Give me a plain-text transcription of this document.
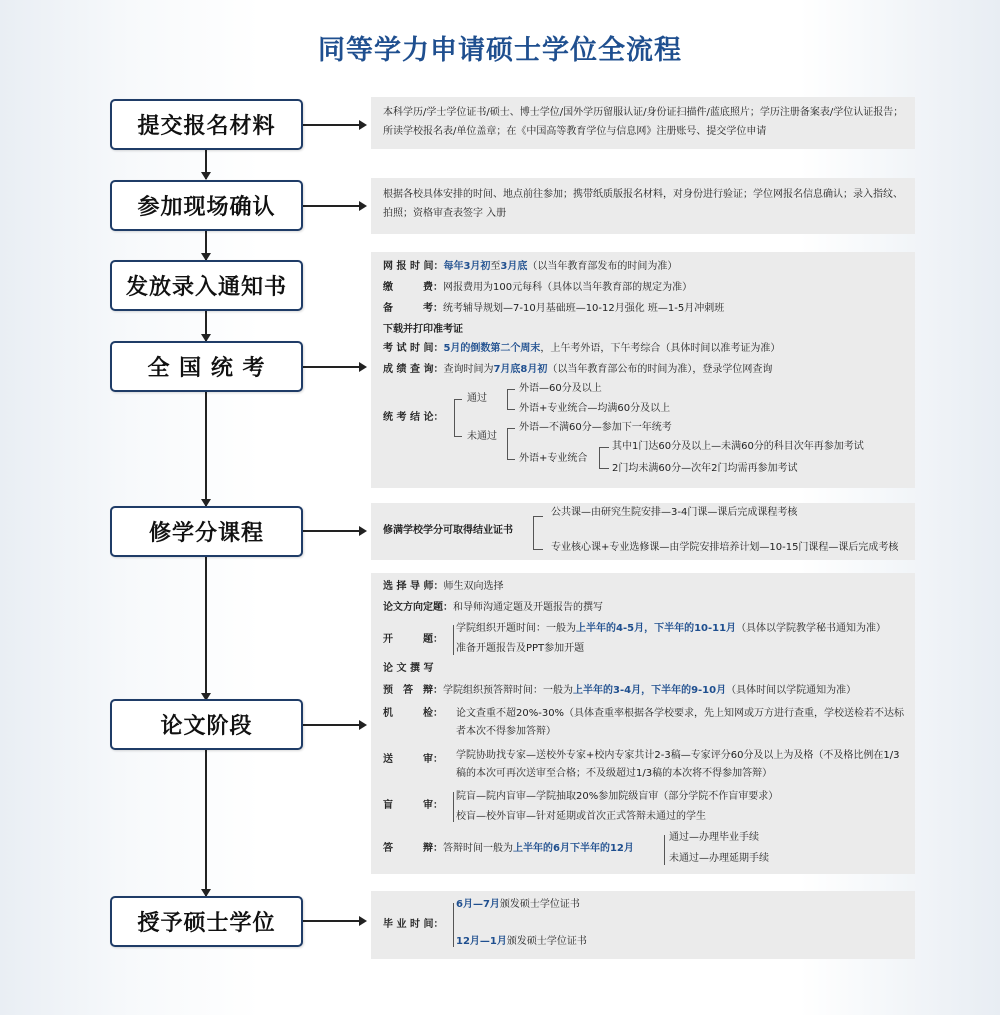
同等学力申请硕士学位全流程
提交报名材料
参加现场确认
发放录入通知书
全 国 统 考
修学分课程
论文阶段
授予硕士学位
本科学历/学士学位证书/硕士、博士学位/国外学历留服认证/身份证扫描件/蓝底照片；学历注册备案表/学位认证报告；所读学校报名表/单位盖章；在《中国高等教育学位与信息网》注册账号、提交学位申请
根据各校具体安排的时间、地点前往参加；携带纸质版报名材料，对身份进行验证；学位网报名信息确认；录入指纹、拍照；资格审查表签字 入册
网 报 时 间：每年3月初至3月底（以当年教育部发布的时间为准）
缴　　　费：网报费用为100元每科（具体以当年教育部的规定为准）
备　　　考：统考辅导规划—7-10月基础班—10-12月强化 班—1-5月冲刺班
下载并打印准考证
考 试 时 间：5月的倒数第二个周末，上午考外语，下午考综合（具体时间以准考证为准）
成 绩 查 询：查询时间为7月底8月初（以当年教育部公布的时间为准），登录学位网查询
统 考 结 论：
通过
未通过
外语—60分及以上
外语+专业统合—均满60分及以上
外语—不满60分—参加下一年统考
外语+专业统合
其中1门达60分及以上—未满60分的科目次年再参加考试
2门均未满60分—次年2门均需再参加考试
修满学校学分可取得结业证书
公共课—由研究生院安排—3-4门课—课后完成课程考核
专业核心课+专业选修课—由学院安排培养计划—10-15门课程—课后完成考核
选 择 导 师：师生双向选择
论文方向定题：和导师沟通定题及开题报告的撰写
开　　　题：
学院组织开题时间：一般为上半年的4-5月，下半年的10-11月（具体以学院教学秘书通知为准）
准备开题报告及PPT参加开题
论 文 撰 写
预　答　辩：学院组织预答辩时间：一般为上半年的3-4月，下半年的9-10月（具体时间以学院通知为准）
机　　　检： 论文查重不超20%-30%（具体查重率根据各学校要求，先上知网或万方进行查重，学校送检若不达标者本次不得参加答辩）
送　　　审： 学院协助找专家—送校外专家+校内专家共计2-3稿—专家评分60分及以上为及格（不及格比例在1/3稿的本次可再次送审至合格；不及级超过1/3稿的本次将不得参加答辩）
盲　　　审：
院盲—院内盲审—学院抽取20%参加院级盲审（部分学院不作盲审要求）
校盲—校外盲审—针对延期或首次正式答辩未通过的学生
答　　　辩：答辩时间一般为上半年的6月下半年的12月
通过—办理毕业手续
未通过—办理延期手续
毕 业 时 间：
6月—7月颁发硕士学位证书
12月—1月颁发硕士学位证书
